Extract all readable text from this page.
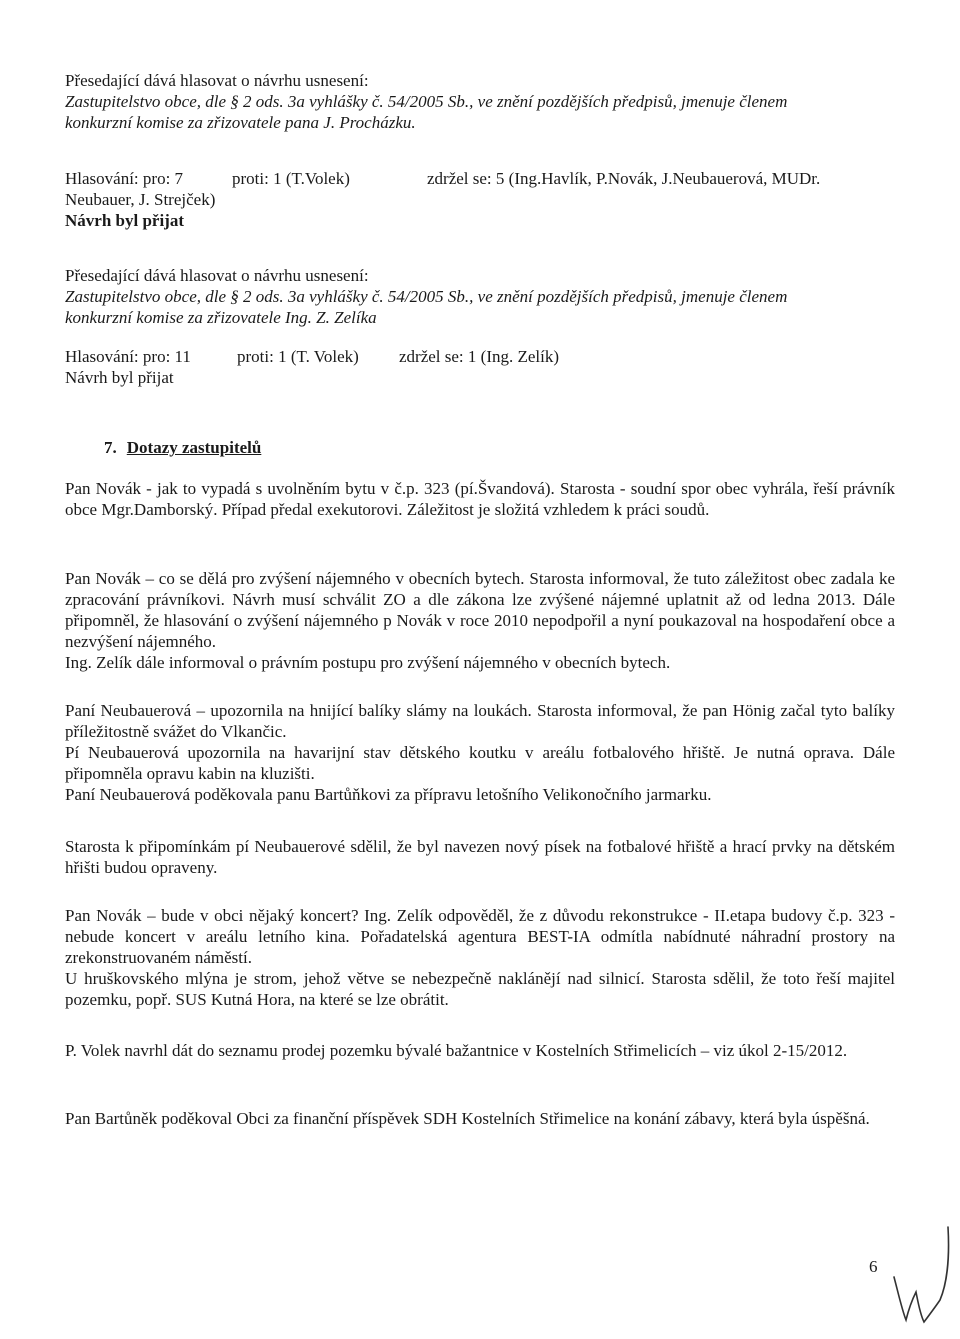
Přesedající dává hlasovat o návrhu usnesení:

Zastupitelstvo obce, dle § 2 ods. 3a vyhlášky č. 54/2005 Sb., ve znění pozdějších předpisů, jmenuje členem

konkurzní komise za zřizovatele pana J. Procházku.

Hlasování: pro: 7	proti: 1 (T.Volek)	zdržel se: 5 (Ing.Havlík, P.Novák, J.Neubauerová, MUDr.

Neubauer, J. Strejček)

Návrh byl přijat

Přesedající dává hlasovat o návrhu usnesení:

Zastupitelstvo obce, dle § 2 ods. 3a vyhlášky č. 54/2005 Sb., ve znění pozdějších předpisů, jmenuje členem

konkurzní komise za zřizovatele Ing. Z. Zelíka

Hlasování: pro: 11	proti: 1 (T. Volek) zdržel se: 1 (Ing. Zelík)

Návrh byl přijat

7. Dotazy zastupitelů

Pan Novák - jak to vypadá s uvolněním bytu v č.p. 323 (pí.Švandová). Starosta - soudní spor obec vyhrála, řeší právník obce Mgr.Damborský. Případ předal exekutorovi. Záležitost je složitá vzhledem k práci soudů.

Pan Novák – co se dělá pro zvýšení nájemného v obecních bytech. Starosta informoval, že tuto záležitost obec zadala ke zpracování právníkovi. Návrh musí schválit ZO a dle zákona lze zvýšené nájemné uplatnit až od ledna 2013. Dále připomněl, že hlasování o zvýšení nájemného p Novák v roce 2010 nepodpořil a nyní poukazoval na hospodaření obce a nezvýšení nájemného.

Ing. Zelík dále informoval o právním postupu pro zvýšení nájemného v obecních bytech.

Paní Neubauerová – upozornila na hnijící balíky slámy na loukách. Starosta informoval, že pan Hönig začal tyto balíky příležitostně svážet do Vlkančic.

Pí Neubauerová upozornila na havarijní stav dětského koutku v areálu fotbalového hřiště. Je nutná oprava. Dále připomněla opravu kabin na kluzišti.

Paní Neubauerová poděkovala panu Bartůňkovi za přípravu letošního Velikonočního jarmarku.

Starosta k připomínkám pí Neubauerové sdělil, že byl navezen nový písek na fotbalové hřiště a hrací prvky na dětském hřišti budou opraveny.

Pan Novák – bude v obci nějaký koncert? Ing. Zelík odpověděl, že z důvodu rekonstrukce - II.etapa budovy č.p. 323 - nebude koncert v areálu letního kina. Pořadatelská agentura BEST-IA odmítla nabídnuté náhradní prostory na zrekonstruovaném náměstí.

U hruškovského mlýna je strom, jehož větve se nebezpečně naklánějí nad silnicí. Starosta sdělil, že toto řeší majitel pozemku, popř. SUS Kutná Hora, na které se lze obrátit.

P. Volek navrhl dát do seznamu prodej pozemku bývalé bažantnice v Kostelních Střimelicích – viz úkol 2-15/2012.

Pan Bartůněk poděkoval Obci za finanční příspěvek SDH Kostelních Střimelice na konání zábavy, která byla úspěšná.

6
